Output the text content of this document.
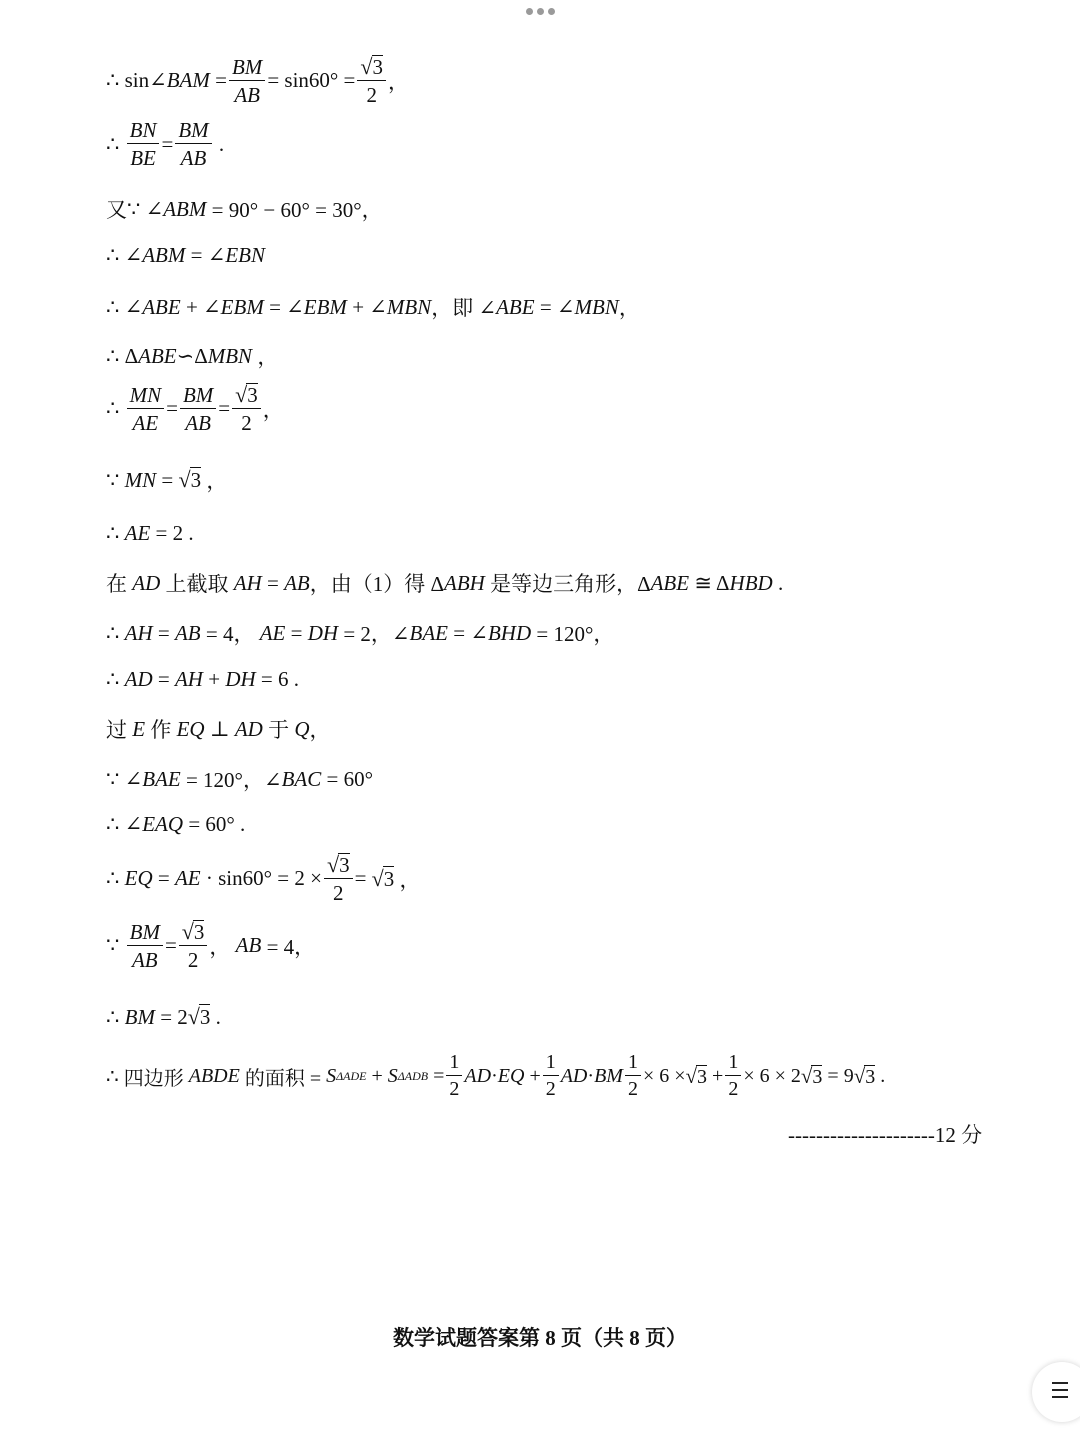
∴
sin∠ BAM
= $\frac{BM}{AB} = \sin 60^\circ = \frac{√ 3}{2}$ ，
∴
$\frac{BN}{BE} = \frac{BM}{AB}$
.
又 ∵
∠ ABM
= 90° − 60° = 30°，
∴
∠ ABM
= ∠ EBN
∴
∠ ABE
+ ∠ EBM
= ∠ EBM
+ ∠ MBN ，即 ∠ ABE
= ∠ MBN ，
∴
Δ ABE ∽Δ MBN
，
∴
$\frac{MN}{AE} = \frac{BM}{AB} = \frac{√ 3}{2}$ ，
∵
MN
=
√ 3
，
∴
AE
= 2 .
在
AD
上截取
AH
=
AB ，由（1）得 Δ ABH
是等边三角形，Δ ABE
≅ Δ HBD
.
∴
AH
=
AB
= 4，
AE
=
DH
= 2，∠ BAE
= ∠ BHD
= 120°，
∴
AD
=
AH
+
DH
= 6 .
过
E
作
EQ
⊥
AD
于
Q ，
∵
∠ BAE
= 120°，∠ BAC
= 60°
∴
∠ EAQ
= 60° .
∴
EQ
=
AE
· $\sin 60^\circ = 2 \times \frac{√ 3}{2}$ =
√ 3
，
∵
$\frac{BM}{AB} = \frac{√ 3}{2}$ ，
AB
= 4，
∴
BM
= 2 √ 3
.
∴
四边形
ABDE
的面积 =
S ΔADE
+
S ΔADB
= $\frac{1}{2}$ AD · EQ
+ $\frac{1}{2}$ AD · BM $\frac{1}{2} \times 6$ × √ 3
+ $\frac{1}{2} \times 6 \times 2$ √ 3
= 9 √ 3
.
---------------------12 分
数学试题答案第 8 页（共 8 页）
